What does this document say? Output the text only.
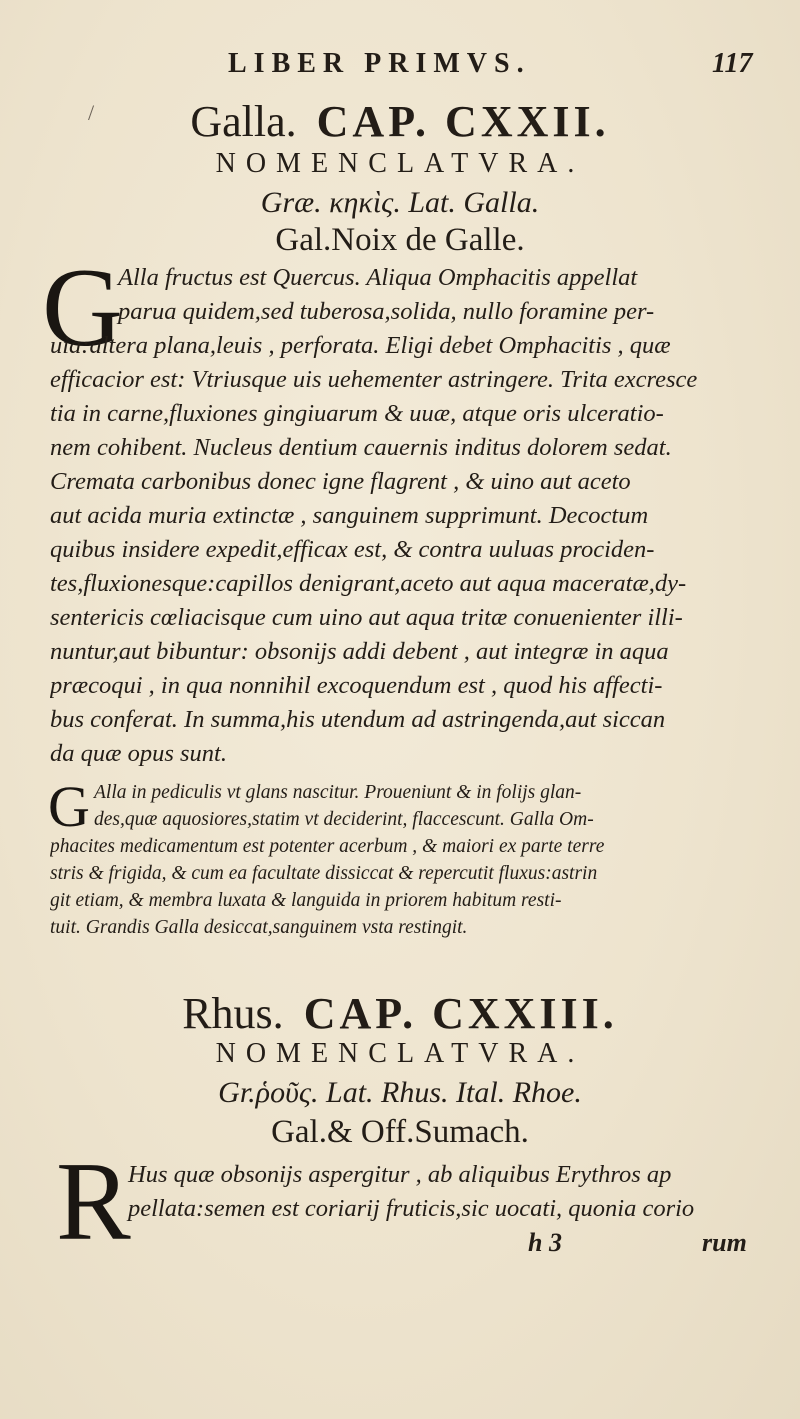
/
LIBER PRIMVS.	117
Galla. CAP. CXXII.
NOMENCLATVRA.
Græ. κηκὶς. Lat. Galla.
Gal.Noix de Galle.
G
Alla fructus est Quercus. Aliqua Omphacitis appellat
parua quidem,sed tuberosa,solida, nullo foramine per-
uia:altera plana,leuis , perforata. Eligi debet Omphacitis , quæ
efficacior est: Vtriusque uis uehementer astringere. Trita excresce
tia in carne,fluxiones gingiuarum & uuæ, atque oris ulceratio-
nem cohibent. Nucleus dentium cauernis inditus dolorem sedat.
Cremata carbonibus donec igne flagrent , & uino aut aceto
aut acida muria extinctæ , sanguinem supprimunt. Decoctum
quibus insidere expedit,efficax est, & contra uuluas prociden-
tes,fluxionesque:capillos denigrant,aceto aut aqua maceratæ,dy-
sentericis cœliacisque cum uino aut aqua tritæ conuenienter illi-
nuntur,aut bibuntur: obsonijs addi debent , aut integræ in aqua
præcoqui , in qua nonnihil excoquendum est , quod his affecti-
bus conferat. In summa,his utendum ad astringenda,aut siccan
da quæ opus sunt.
G Alla in pediculis vt glans nascitur. Proueniunt & in folijs glan-
des,quæ aquosiores,statim vt deciderint, flaccescunt. Galla Om-
phacites medicamentum est potenter acerbum , & maiori ex parte terre
stris & frigida, & cum ea facultate dissiccat & repercutit fluxus:astrin
git etiam, & membra luxata & languida in priorem habitum resti-
tuit. Grandis Galla desiccat,sanguinem vsta restingit.
Rhus. CAP. CXXIII.
NOMENCLATVRA.
Gr.ῥοῦς. Lat. Rhus. Ital. Rhoe.
Gal.& Off.Sumach.
R
Hus quæ obsonijs aspergitur , ab aliquibus Erythros ap
pellata:semen est coriarij fruticis,sic uocati, quonia corio
h 3	rum
